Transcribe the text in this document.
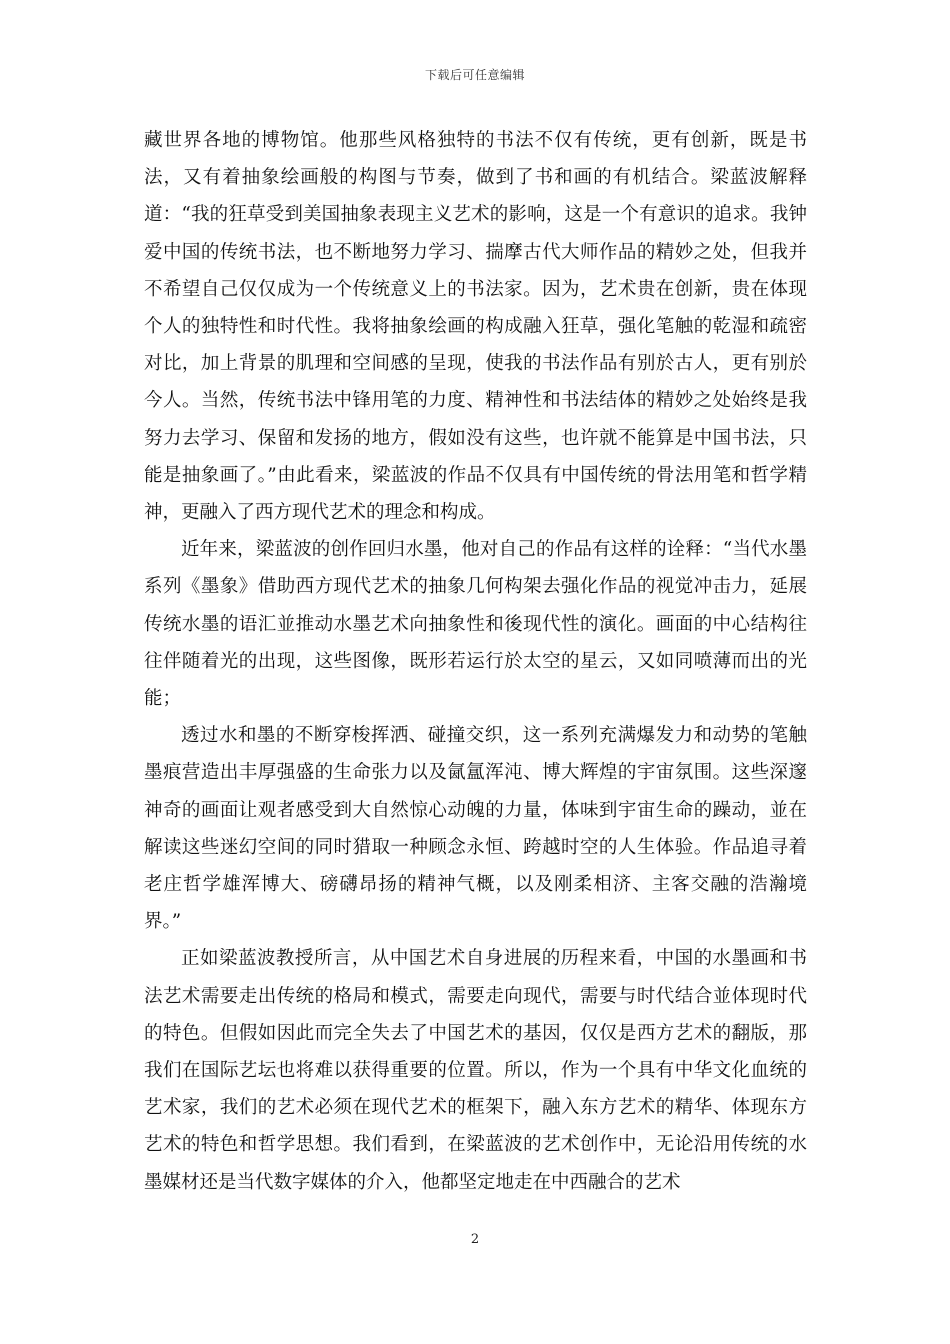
下载后可任意编辑

藏世界各地的博物馆。他那些风格独特的书法不仅有传统，更有创新，既是书法，又有着抽象绘画般的构图与节奏，做到了书和画的有机结合。梁蓝波解释道：“我的狂草受到美国抽象表现主义艺术的影响，这是一个有意识的追求。我钟爱中国的传统书法，也不断地努力学习、揣摩古代大师作品的精妙之处，但我并不希望自己仅仅成为一个传统意义上的书法家。因为，艺术贵在创新，贵在体现个人的独特性和时代性。我将抽象绘画的构成融入狂草，强化笔触的乾湿和疏密对比，加上背景的肌理和空间感的呈现，使我的书法作品有别於古人，更有别於今人。当然，传统书法中锋用笔的力度、精神性和书法结体的精妙之处始终是我努力去学习、保留和发扬的地方，假如没有这些，也许就不能算是中国书法，只能是抽象画了。”由此看来，梁蓝波的作品不仅具有中国传统的骨法用笔和哲学精神，更融入了西方现代艺术的理念和构成。

近年来，梁蓝波的创作回归水墨，他对自己的作品有这样的诠释：“当代水墨系列《墨象》借助西方现代艺术的抽象几何构架去强化作品的视觉冲击力，延展传统水墨的语汇並推动水墨艺术向抽象性和後现代性的演化。画面的中心结构往往伴随着光的出现，这些图像，既形若运行於太空的星云，又如同喷薄而出的光能；

透过水和墨的不断穿梭挥洒、碰撞交织，这一系列充满爆发力和动势的笔触墨痕营造出丰厚强盛的生命张力以及氤氲浑沌、博大辉煌的宇宙氛围。这些深邃神奇的画面让观者感受到大自然惊心动魄的力量，体味到宇宙生命的躁动，並在解读这些迷幻空间的同时猎取一种顾念永恒、跨越时空的人生体验。作品追寻着老庄哲学雄浑博大、磅礴昂扬的精神气概，以及刚柔相济、主客交融的浩瀚境界。”

正如梁蓝波教授所言，从中国艺术自身进展的历程来看，中国的水墨画和书法艺术需要走出传统的格局和模式，需要走向现代，需要与时代结合並体现时代的特色。但假如因此而完全失去了中国艺术的基因，仅仅是西方艺术的翻版，那我们在国际艺坛也将难以获得重要的位置。所以，作为一个具有中华文化血统的艺术家，我们的艺术必须在现代艺术的框架下，融入东方艺术的精华、体现东方艺术的特色和哲学思想。我们看到，在梁蓝波的艺术创作中，无论沿用传统的水墨媒材还是当代数字媒体的介入，他都坚定地走在中西融合的艺术

2
